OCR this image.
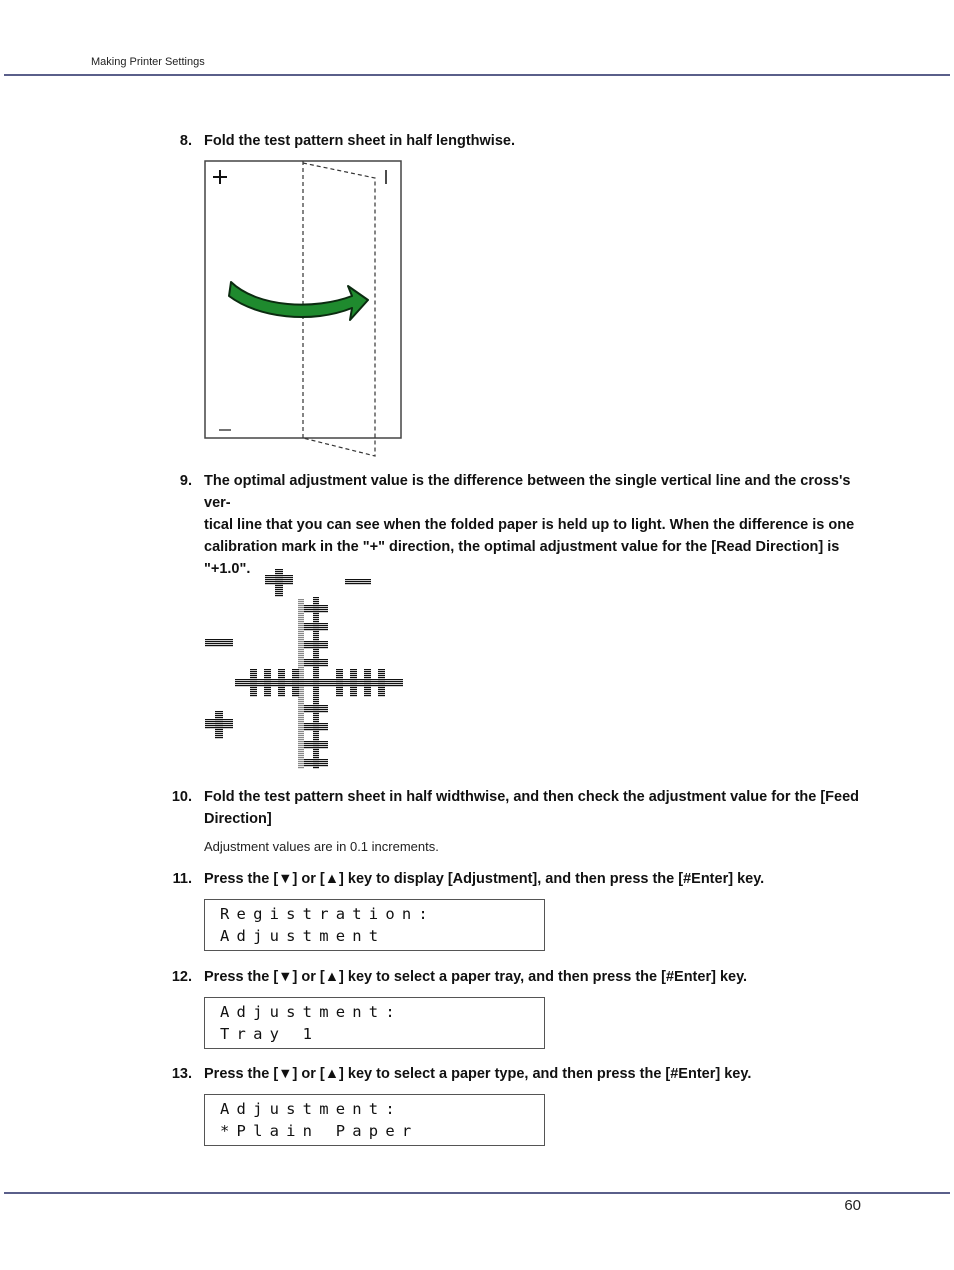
Making Printer Settings
8. Fold the test pattern sheet in half lengthwise.
9. The optimal adjustment value is the difference between the single vertical line and the cross's ver-
tical line that you can see when the folded paper is held up to light. When the difference is one
calibration mark in the "+" direction, the optimal adjustment value for the [Read Direction] is
"+1.0".
10. Fold the test pattern sheet in half widthwise, and then check the adjustment value for the [Feed
Direction]
Adjustment values are in 0.1 increments.
11. Press the [▼] or [▲] key to display [Adjustment], and then press the [#Enter] key.
Registration:
Adjustment
12. Press the [▼] or [▲] key to select a paper tray, and then press the [#Enter] key.
Adjustment:
Tray 1
13. Press the [▼] or [▲] key to select a paper type, and then press the [#Enter] key.
Adjustment:
*Plain Paper
60
